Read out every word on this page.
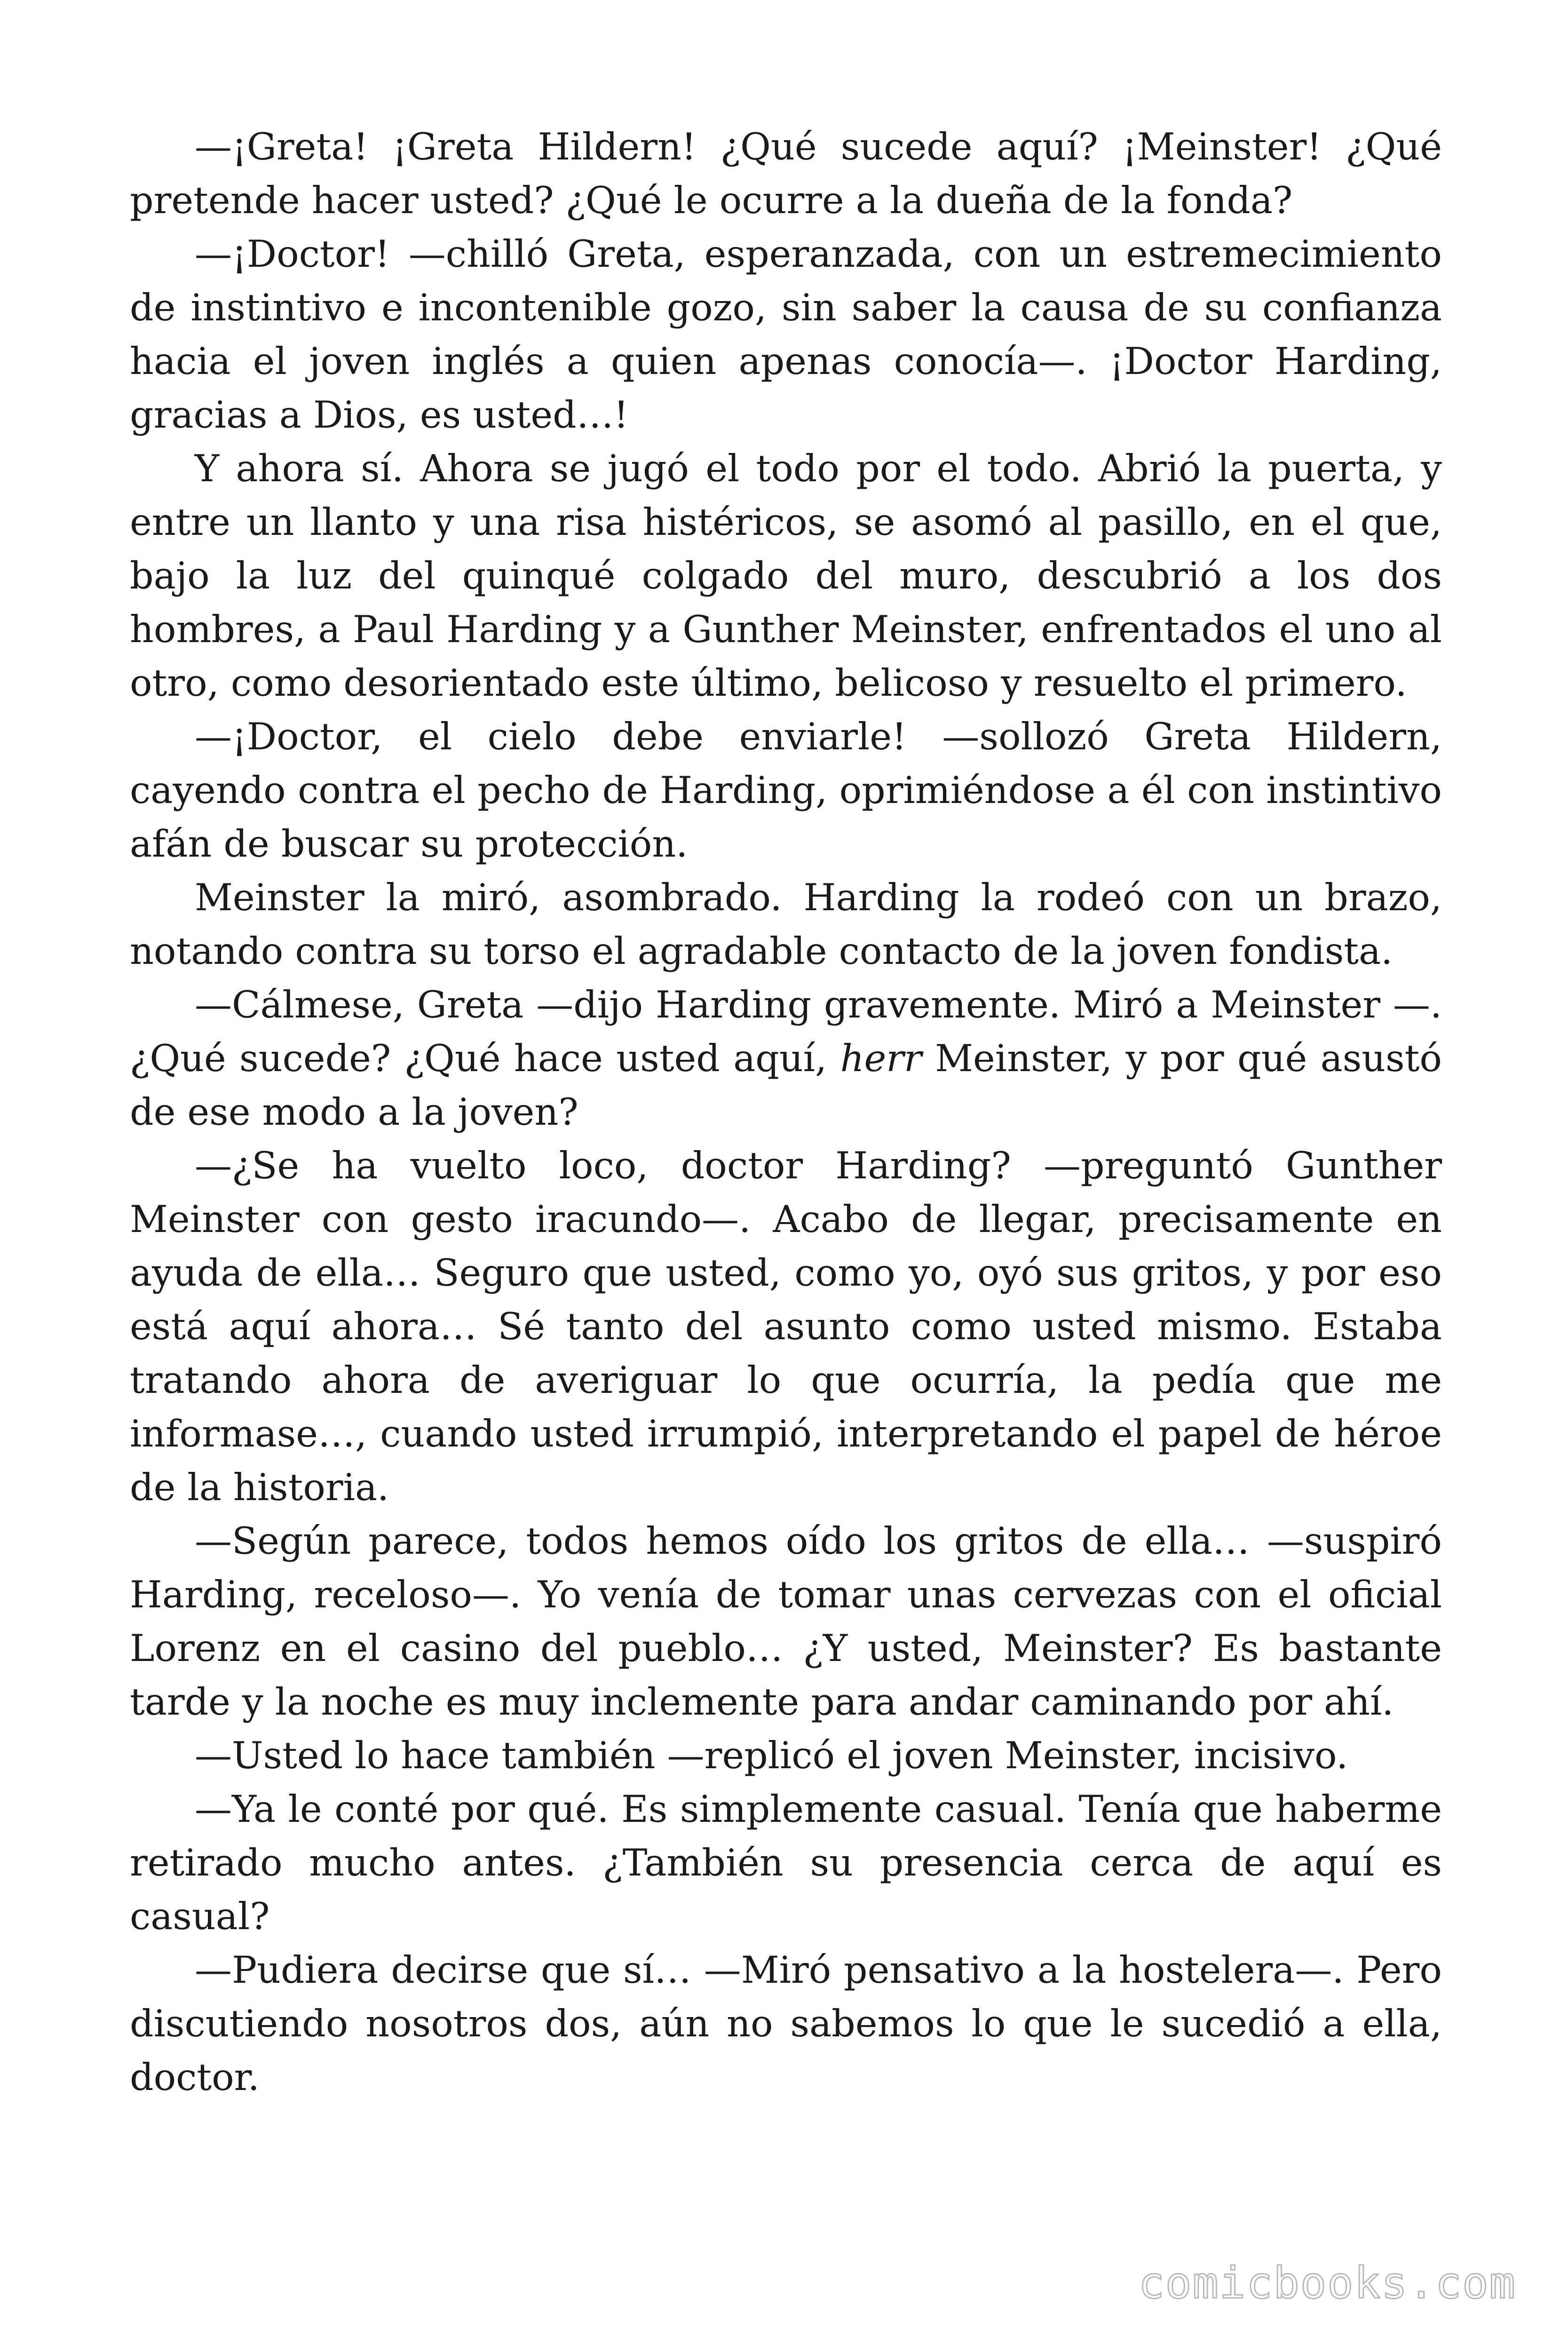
—¡Greta! ¡Greta Hildern! ¿Qué sucede aquí? ¡Meinster! ¿Qué pretende hacer usted? ¿Qué le ocurre a la dueña de la fonda?

—¡Doctor! —chilló Greta, esperanzada, con un estremecimiento de instintivo e incontenible gozo, sin saber la causa de su confianza hacia el joven inglés a quien apenas conocía—. ¡Doctor Harding, gracias a Dios, es usted…!

Y ahora sí. Ahora se jugó el todo por el todo. Abrió la puerta, y entre un llanto y una risa histéricos, se asomó al pasillo, en el que, bajo la luz del quinqué colgado del muro, descubrió a los dos hombres, a Paul Harding y a Gunther Meinster, enfrentados el uno al otro, como desorientado este último, belicoso y resuelto el primero.

—¡Doctor, el cielo debe enviarle! —sollozó Greta Hildern, cayendo contra el pecho de Harding, oprimiéndose a él con instintivo afán de buscar su protección.

Meinster la miró, asombrado. Harding la rodeó con un brazo, notando contra su torso el agradable contacto de la joven fondista.

—Cálmese, Greta —dijo Harding gravemente. Miró a Meinster —. ¿Qué sucede? ¿Qué hace usted aquí, herr Meinster, y por qué asustó de ese modo a la joven?

—¿Se ha vuelto loco, doctor Harding? —preguntó Gunther Meinster con gesto iracundo—. Acabo de llegar, precisamente en ayuda de ella… Seguro que usted, como yo, oyó sus gritos, y por eso está aquí ahora… Sé tanto del asunto como usted mismo. Estaba tratando ahora de averiguar lo que ocurría, la pedía que me informase…, cuando usted irrumpió, interpretando el papel de héroe de la historia.

—Según parece, todos hemos oído los gritos de ella… —suspiró Harding, receloso—. Yo venía de tomar unas cervezas con el oficial Lorenz en el casino del pueblo… ¿Y usted, Meinster? Es bastante tarde y la noche es muy inclemente para andar caminando por ahí.

—Usted lo hace también —replicó el joven Meinster, incisivo.

—Ya le conté por qué. Es simplemente casual. Tenía que haberme retirado mucho antes. ¿También su presencia cerca de aquí es casual?

—Pudiera decirse que sí… —Miró pensativo a la hostelera—. Pero discutiendo nosotros dos, aún no sabemos lo que le sucedió a ella, doctor.

comicbooks.com
